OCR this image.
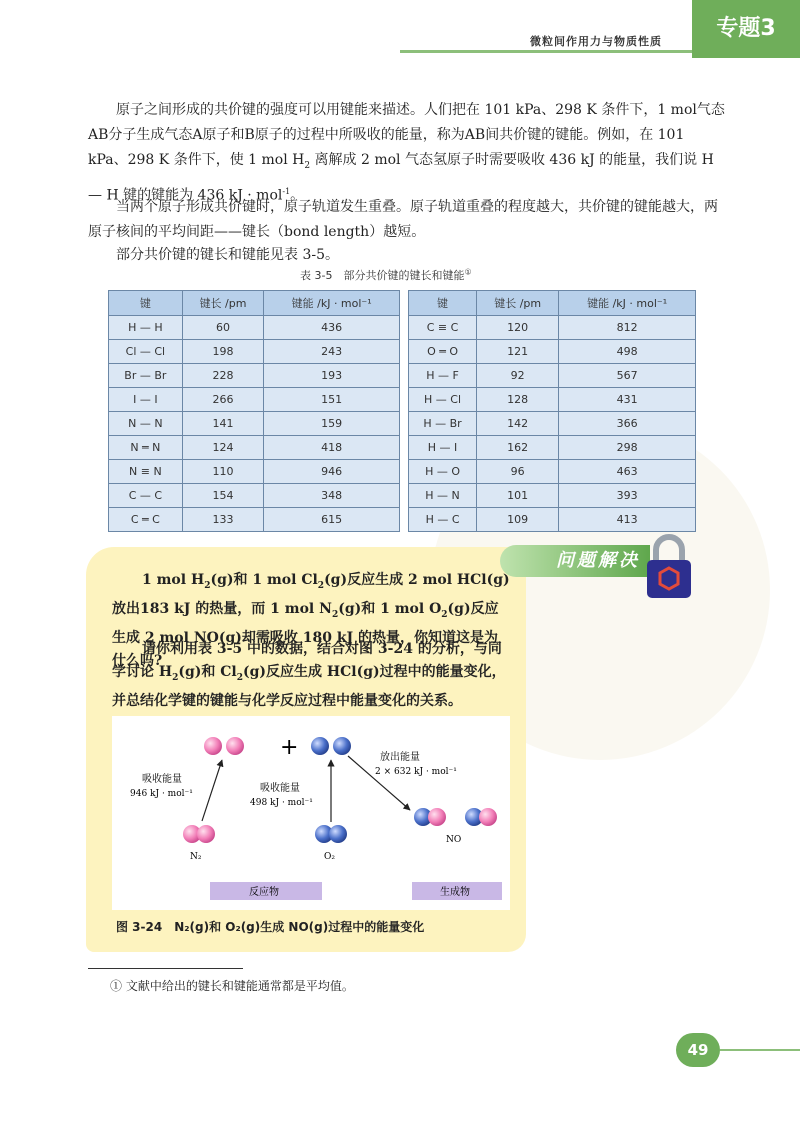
微粒间作用力与物质性质
专题3

原子之间形成的共价键的强度可以用键能来描述。人们把在 101 kPa、298 K 条件下，1 mol气态AB分子生成气态A原子和B原子的过程中所吸收的能量，称为AB间共价键的键能。例如，在 101 kPa、298 K 条件下，使 1 mol $H_2$ 离解成 2 mol 气态氢原子时需要吸收 436 kJ 的能量，我们说 H — H 键的键能为 436 kJ · mol$^{-1}$。

当两个原子形成共价键时，原子轨道发生重叠。原子轨道重叠的程度越大，共价键的键能越大，两原子核间的平均间距——键长（bond length）越短。

部分共价键的键长和键能见表 3-5。

表 3-5　部分共价键的键长和键能①
键	键长 /pm	键能 /kJ · mol⁻¹
H — H	60	436
Cl — Cl	198	243
Br — Br	228	193
I — I	266	151
N — N	141	159
N ═ N	124	418
N ≡ N	110	946
C — C	154	348
C ═ C	133	615
键	键长 /pm	键能 /kJ · mol⁻¹
C ≡ C	120	812
O ═ O	121	498
H — F	92	567
H — Cl	128	431
H — Br	142	366
H — I	162	298
H — O	96	463
H — N	101	393
H — C	109	413
问题解决

1 mol $H_2(g)$和 1 mol $Cl_2(g)$反应生成 2 mol HCl(g)放出183 kJ 的热量，而 1 mol $N_2(g)$和 1 mol $O_2(g)$反应生成 2 mol NO(g)却需吸收 180 kJ 的热量，你知道这是为什么吗?

请你利用表 3-5 中的数据，结合对图 3-24 的分析，与同学讨论 $H_2(g)$和 $Cl_2(g)$反应生成 HCl(g)过程中的能量变化，并总结化学键的键能与化学反应过程中能量变化的关系。

+
吸收能量
946 kJ · mol⁻¹	吸收能量
498 kJ · mol⁻¹
放出能量
2 × 632 kJ · mol⁻¹
N₂	O₂
NO
反应物	生成物
图 3-24　N₂(g)和 O₂(g)生成 NO(g)过程中的能量变化
① 文献中给出的键长和键能通常都是平均值。
49
